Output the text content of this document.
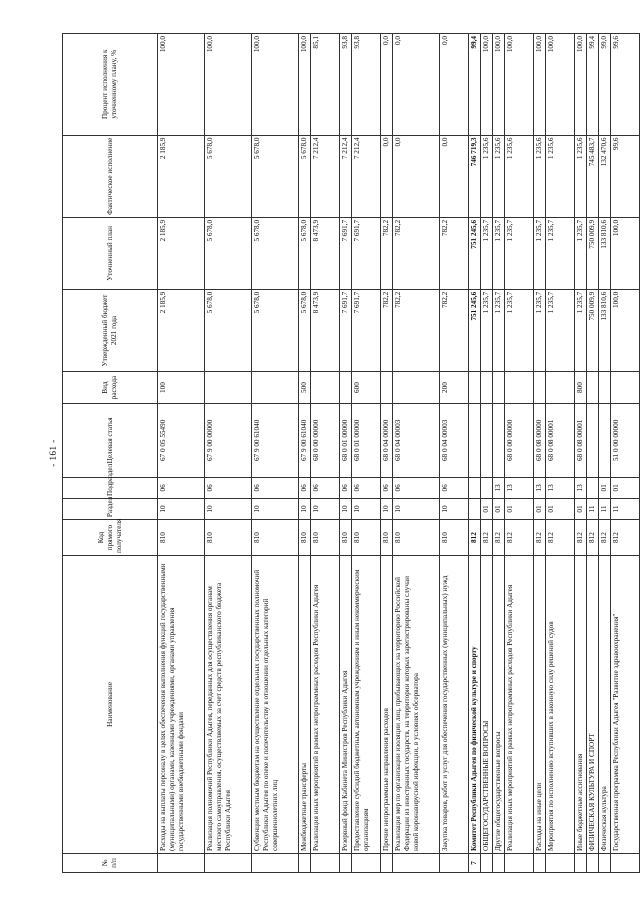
- 161 -
№ п/п	Наименование	Код прямого получателя	Раздел	Подраздел	Целевая статья	Вид расхода	Утвержденный бюджет 2021 года	Уточненный план	Фактическое исполнение	Процент исполнения к уточненному плану, %
	Расходы на выплаты персоналу в целях обеспечения выполнения функций государственными (муниципальными) органами, казенными учреждениями, органами управления государственными внебюджетными фондами	810	10	06	67 0 05 55490	100	2 185,9	2 185,9	2 185,9	100,0
	Реализация полномочий Республики Адыгея, переданных для осуществления органам местного самоуправления, осуществляемых за счет средств республиканского бюджета Республики Адыгея	810	10	06	67 9 00 00000		5 678,0	5 678,0	5 678,0	100,0
	Субвенции местным бюджетам на осуществление отдельных государственных полномочий Республики Адыгея по опеке и попечительству в отношении отдельных категорий совершеннолетних лиц	810	10	06	67 9 00 61040		5 678,0	5 678,0	5 678,0	100,0
	Межбюджетные трансферты	810	10	06	67 9 00 61040	500	5 678,0	5 678,0	5 678,0	100,0
	Реализация иных мероприятий в рамках непрограммных расходов Республики Адыгея	810	10	06	68 0 00 00000		8 473,9	8 473,9	7 212,4	85,1
	Резервный фонд Кабинета Министров Республики Адыгея	810	10	06	68 0 01 00000		7 691,7	7 691,7	7 212,4	93,8
	Предоставление субсидий бюджетным, автономным учреждениям и иным некоммерческим организациям	810	10	06	68 0 01 00000	600	7 691,7	7 691,7	7 212,4	93,8
	Прочие непрограммные направления расходов	810	10	06	68 0 04 00000		782,2	782,2	0,0	0,0
	Реализация мер по организации изоляции лиц, прибывающих на территорию Российской Федерации из иностранных государств, на территории которых зарегистрированы случаи новой коронавирусной инфекции, в условиях обсерватора	810	10	06	68 0 04 00003		782,2	782,2	0,0	0,0
	Закупка товаров, работ и услуг для обеспечения государственных (муниципальных) нужд	810	10	06	68 0 04 00003	200	782,2	782,2	0,0	0,0
7	Комитет Республики Адыгея по физической культуре и спорту	812					751 245,6	751 245,6	746 719,3	99,4
	ОБЩЕГОСУДАРСТВЕННЫЕ ВОПРОСЫ	812	01				1 235,7	1 235,7	1 235,6	100,0
	Другие общегосударственные вопросы	812	01	13			1 235,7	1 235,7	1 235,6	100,0
	Реализация иных мероприятий в рамках непрограммных расходов Республики Адыгея	812	01	13	68 0 00 00000		1 235,7	1 235,7	1 235,6	100,0
	Расходы на иные цели	812	01	13	68 0 08 00000		1 235,7	1 235,7	1 235,6	100,0
	Мероприятия по исполнению вступивших в законную силу решений судов	812	01	13	68 0 08 00001		1 235,7	1 235,7	1 235,6	100,0
	Иные бюджетные ассигнования	812	01	13	68 0 08 00001	800	1 235,7	1 235,7	1 235,6	100,0
	ФИЗИЧЕСКАЯ КУЛЬТУРА И СПОРТ	812	11				750 009,9	750 009,9	745 483,7	99,4
	Физическая культура	812	11	01			133 810,6	133 810,6	132 470,6	99,0
	Государственная программа Республики Адыгея "Развитие здравоохранения"	812	11	01	51 0 00 00000		100,0	100,0	99,6	99,6
